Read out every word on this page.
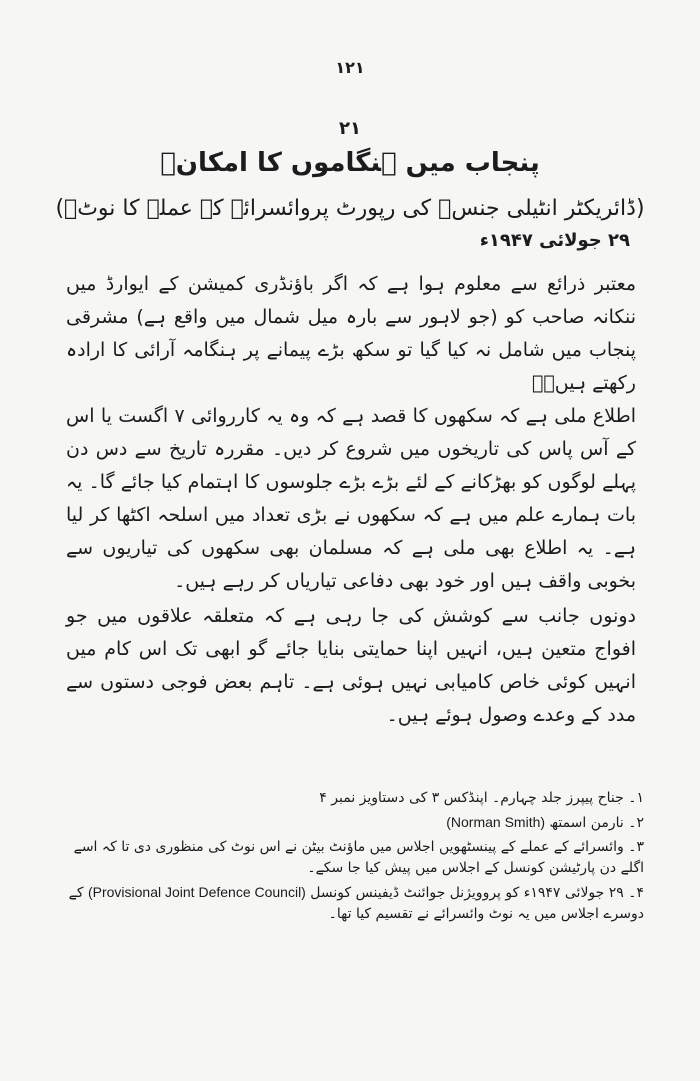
١٢١
٢١
پنجاب میں ہنگاموں کا امکانؐ
(ڈائریکٹر انٹیلی جنسؐ کی رپورٹ پروائسرائے کے عملے کا نوٹؐ)
۲۹ جولائی ۱۹۴۷ء
معتبر ذرائع سے معلوم ہوا ہے کہ اگر باؤنڈری کمیشن کے ایوارڈ میں ننکانہ صاحب کو (جو لاہور سے بارہ میل شمال میں واقع ہے) مشرقی پنجاب میں شامل نہ کیا گیا تو سکھ بڑے پیمانے پر ہنگامہ آرائی کا ارادہ رکھتے ہیں۔ؐ
اطلاع ملی ہے کہ سکھوں کا قصد ہے کہ وہ یہ کارروائی ۷ اگست یا اس کے آس پاس کی تاریخوں میں شروع کر دیں۔ مقررہ تاریخ سے دس دن پہلے لوگوں کو بھڑکانے کے لئے بڑے بڑے جلوسوں کا اہتمام کیا جائے گا۔ یہ بات ہمارے علم میں ہے کہ سکھوں نے بڑی تعداد میں اسلحہ اکٹھا کر لیا ہے۔ یہ اطلاع بھی ملی ہے کہ مسلمان بھی سکھوں کی تیاریوں سے بخوبی واقف ہیں اور خود بھی دفاعی تیاریاں کر رہے ہیں۔
دونوں جانب سے کوشش کی جا رہی ہے کہ متعلقہ علاقوں میں جو افواج متعین ہیں، انہیں اپنا حمایتی بنایا جائے گو ابھی تک اس کام میں انہیں کوئی خاص کامیابی نہیں ہوئی ہے۔ تاہم بعض فوجی دستوں سے مدد کے وعدے وصول ہوئے ہیں۔

١۔ جناح پیپرز جلد چہارم۔ اپنڈکس ۳ کی دستاویز نمبر ۴

۲۔ نارمن اسمتھ (Norman Smith)

۳۔ وائسرائے کے عملے کے پینسٹھویں اجلاس میں ماؤنٹ بیٹن نے اس نوٹ کی منظوری دی تا کہ اسے اگلے دن پارٹیشن کونسل کے اجلاس میں پیش کیا جا سکے۔

۴۔ ۲۹ جولائی ۱۹۴۷ء کو پروویژنل جوائنٹ ڈیفینس کونسل (Provisional Joint Defence Council) کے دوسرے اجلاس میں یہ نوٹ وائسرائے نے تقسیم کیا تھا۔
